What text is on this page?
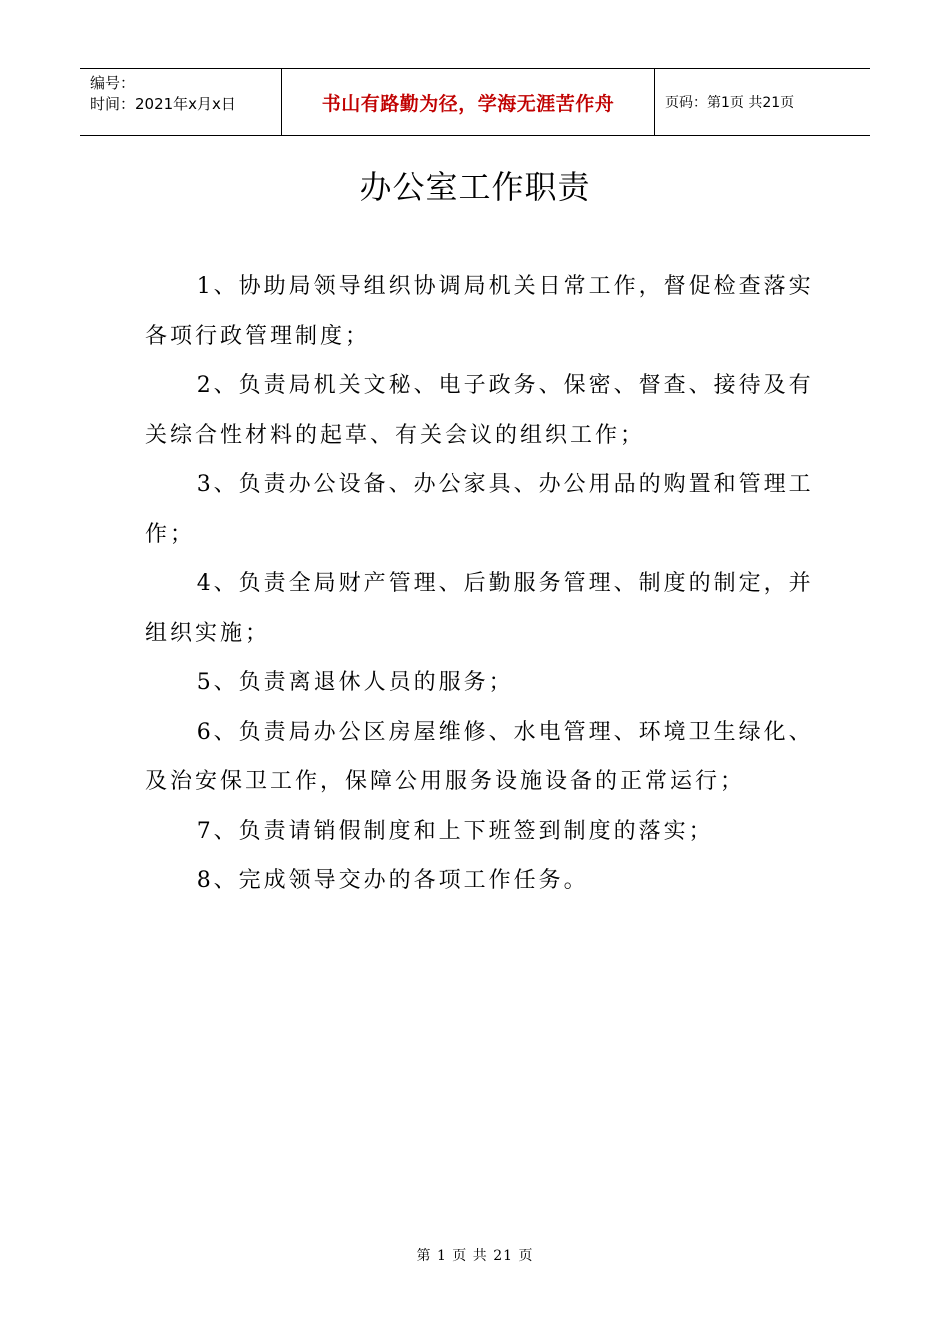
编号：
时间：2021年x月x日	书山有路勤为径，学海无涯苦作舟	页码：第1页 共21页
办公室工作职责

1、协助局领导组织协调局机关日常工作，督促检查落实各项行政管理制度；

2、负责局机关文秘、电子政务、保密、督查、接待及有关综合性材料的起草、有关会议的组织工作；

3、负责办公设备、办公家具、办公用品的购置和管理工作；

4、负责全局财产管理、后勤服务管理、制度的制定，并组织实施；

5、负责离退休人员的服务；

6、负责局办公区房屋维修、水电管理、环境卫生绿化、及治安保卫工作，保障公用服务设施设备的正常运行；

7、负责请销假制度和上下班签到制度的落实；

8、完成领导交办的各项工作任务。

第 1 页 共 21 页
